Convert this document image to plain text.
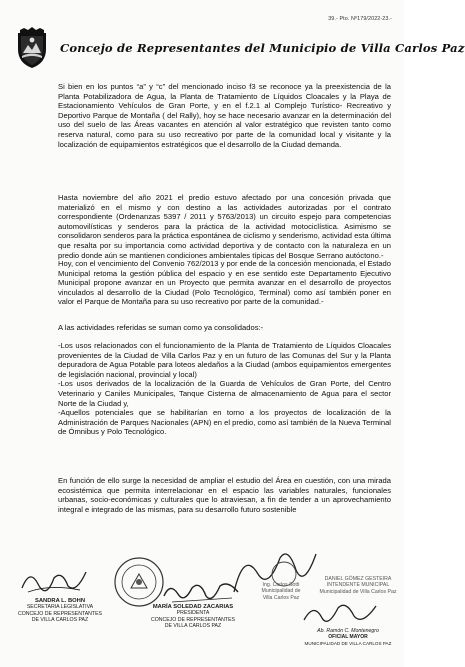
39.- Pto. Nº179/2022-23.-
Concejo de Representantes del Municipio de Villa Carlos Paz

Si bien en los puntos “a” y “c” del mencionado inciso f3 se reconoce ya la preexistencia de la Planta Potabilizadora de Agua, la Planta de Tratamiento de Líquidos Cloacales y la Playa de Estacionamiento Vehículos de Gran Porte, y en el f.2.1 al Complejo Turístico- Recreativo y Deportivo Parque de Montaña ( del Rally), hoy se hace necesario avanzar en la determinación del uso del suelo de las Áreas vacantes en atención al valor estratégico que revisten tanto como reserva natural, como para su uso recreativo por parte de la comunidad local y visitante y la localización de equipamientos estratégicos que el desarrollo de la Ciudad demanda.

Hasta noviembre del año 2021 el predio estuvo afectado por una concesión privada que materializó en el mismo y con destino a las actividades autorizadas por el contrato correspondiente (Ordenanzas 5397 / 2011 y 5763/2013) un circuito espejo para competencias automovilísticas y senderos para la práctica de la actividad motociclística. Asimismo se consolidaron senderos para la práctica espontánea de ciclismo y senderismo, actividad esta última que resalta por su importancia como actividad deportiva y de contacto con la naturaleza en un predio donde aún se mantienen condiciones ambientales típicas del Bosque Serrano autóctono.-

Hoy, con el vencimiento del Convenio 762/2013 y por ende de la concesión mencionada, el Estado Municipal retoma la gestión pública del espacio y en ese sentido este Departamento Ejecutivo Municipal propone avanzar en un Proyecto que permita avanzar en el desarrollo de proyectos vinculados al desarrollo de la Ciudad (Polo Tecnológico, Terminal) como así también poner en valor el Parque de Montaña para su uso recreativo por parte de la comunidad.-

A las actividades referidas se suman como ya consolidados:-

-Los usos relacionados con el funcionamiento de la Planta de Tratamiento de Líquidos Cloacales provenientes de la Ciudad de Villa Carlos Paz y en un futuro de las Comunas del Sur y la Planta depuradora de Agua Potable para loteos aledaños a la Ciudad (ambos equipamientos emergentes de legislación nacional, provincial y local)

-Los usos derivados de la localización de la Guarda de Vehículos de Gran Porte, del Centro Veterinario y Caniles Municipales, Tanque Cisterna de almacenamiento de Agua para el sector Norte de la Ciudad y,

-Aquellos potenciales que se habilitarían en torno a los proyectos de localización de la Administración de Parques Nacionales (APN) en el predio, como así también de la Nueva Terminal de Ómnibus y Polo Tecnológico.

En función de ello surge la necesidad de ampliar el estudio del Área en cuestión, con una mirada ecosistémica que permita interrelacionar en el espacio las variables naturales, funcionales urbanas, socio-económicas y culturales que lo atraviesan, a fin de tender a un aprovechamiento integral e integrado de las mismas, para su desarrollo futuro sostenible

SANDRA L. BOHN
SECRETARIA LEGISLATIVA
CONCEJO DE REPRESENTANTES
DE VILLA CARLOS PAZ
MARÍA SOLEDAD ZACARIAS
PRESIDENTA
CONCEJO DE REPRESENTANTES
DE VILLA CARLOS PAZ
Ing. Carlos Sotti
Municipalidad de
Villa Carlos Paz
DANIEL GÓMEZ GESTEIRA
INTENDENTE MUNICIPAL
Municipalidad de Villa Carlos Paz
Ab. Ramón C. Montenegro
OFICIAL MAYOR
MUNICIPALIDAD DE VILLA CARLOS PAZ
